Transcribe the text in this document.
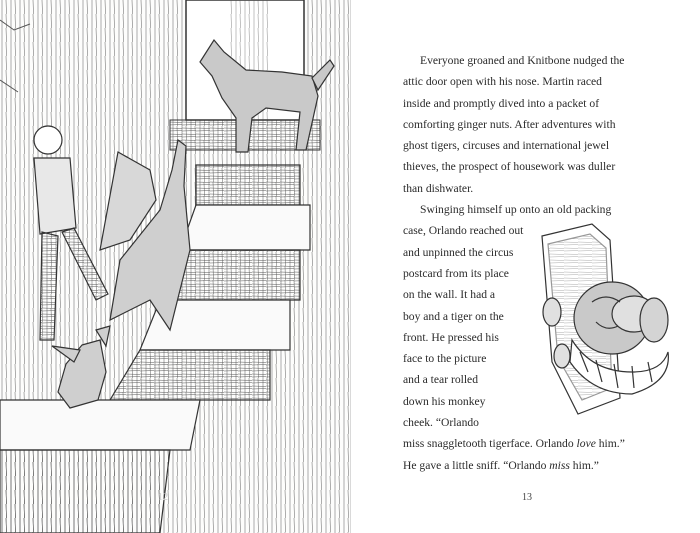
12
Everyone groaned and Knitbone nudged the
attic door open with his nose. Martin raced
inside and promptly dived into a packet of
comforting ginger nuts. After adventures with
ghost tigers, circuses and international jewel
thieves, the prospect of housework was duller
than dishwater.
Swinging himself up onto an old packing
case, Orlando reached out
and unpinned the circus
postcard from its place
on the wall. It had a
boy and a tiger on the
front. He pressed his
face to the picture
and a tear rolled
down his monkey
cheek. “Orlando
miss snaggletooth tigerface. Orlando love him.”
He gave a little sniff. “Orlando miss him.”
13
